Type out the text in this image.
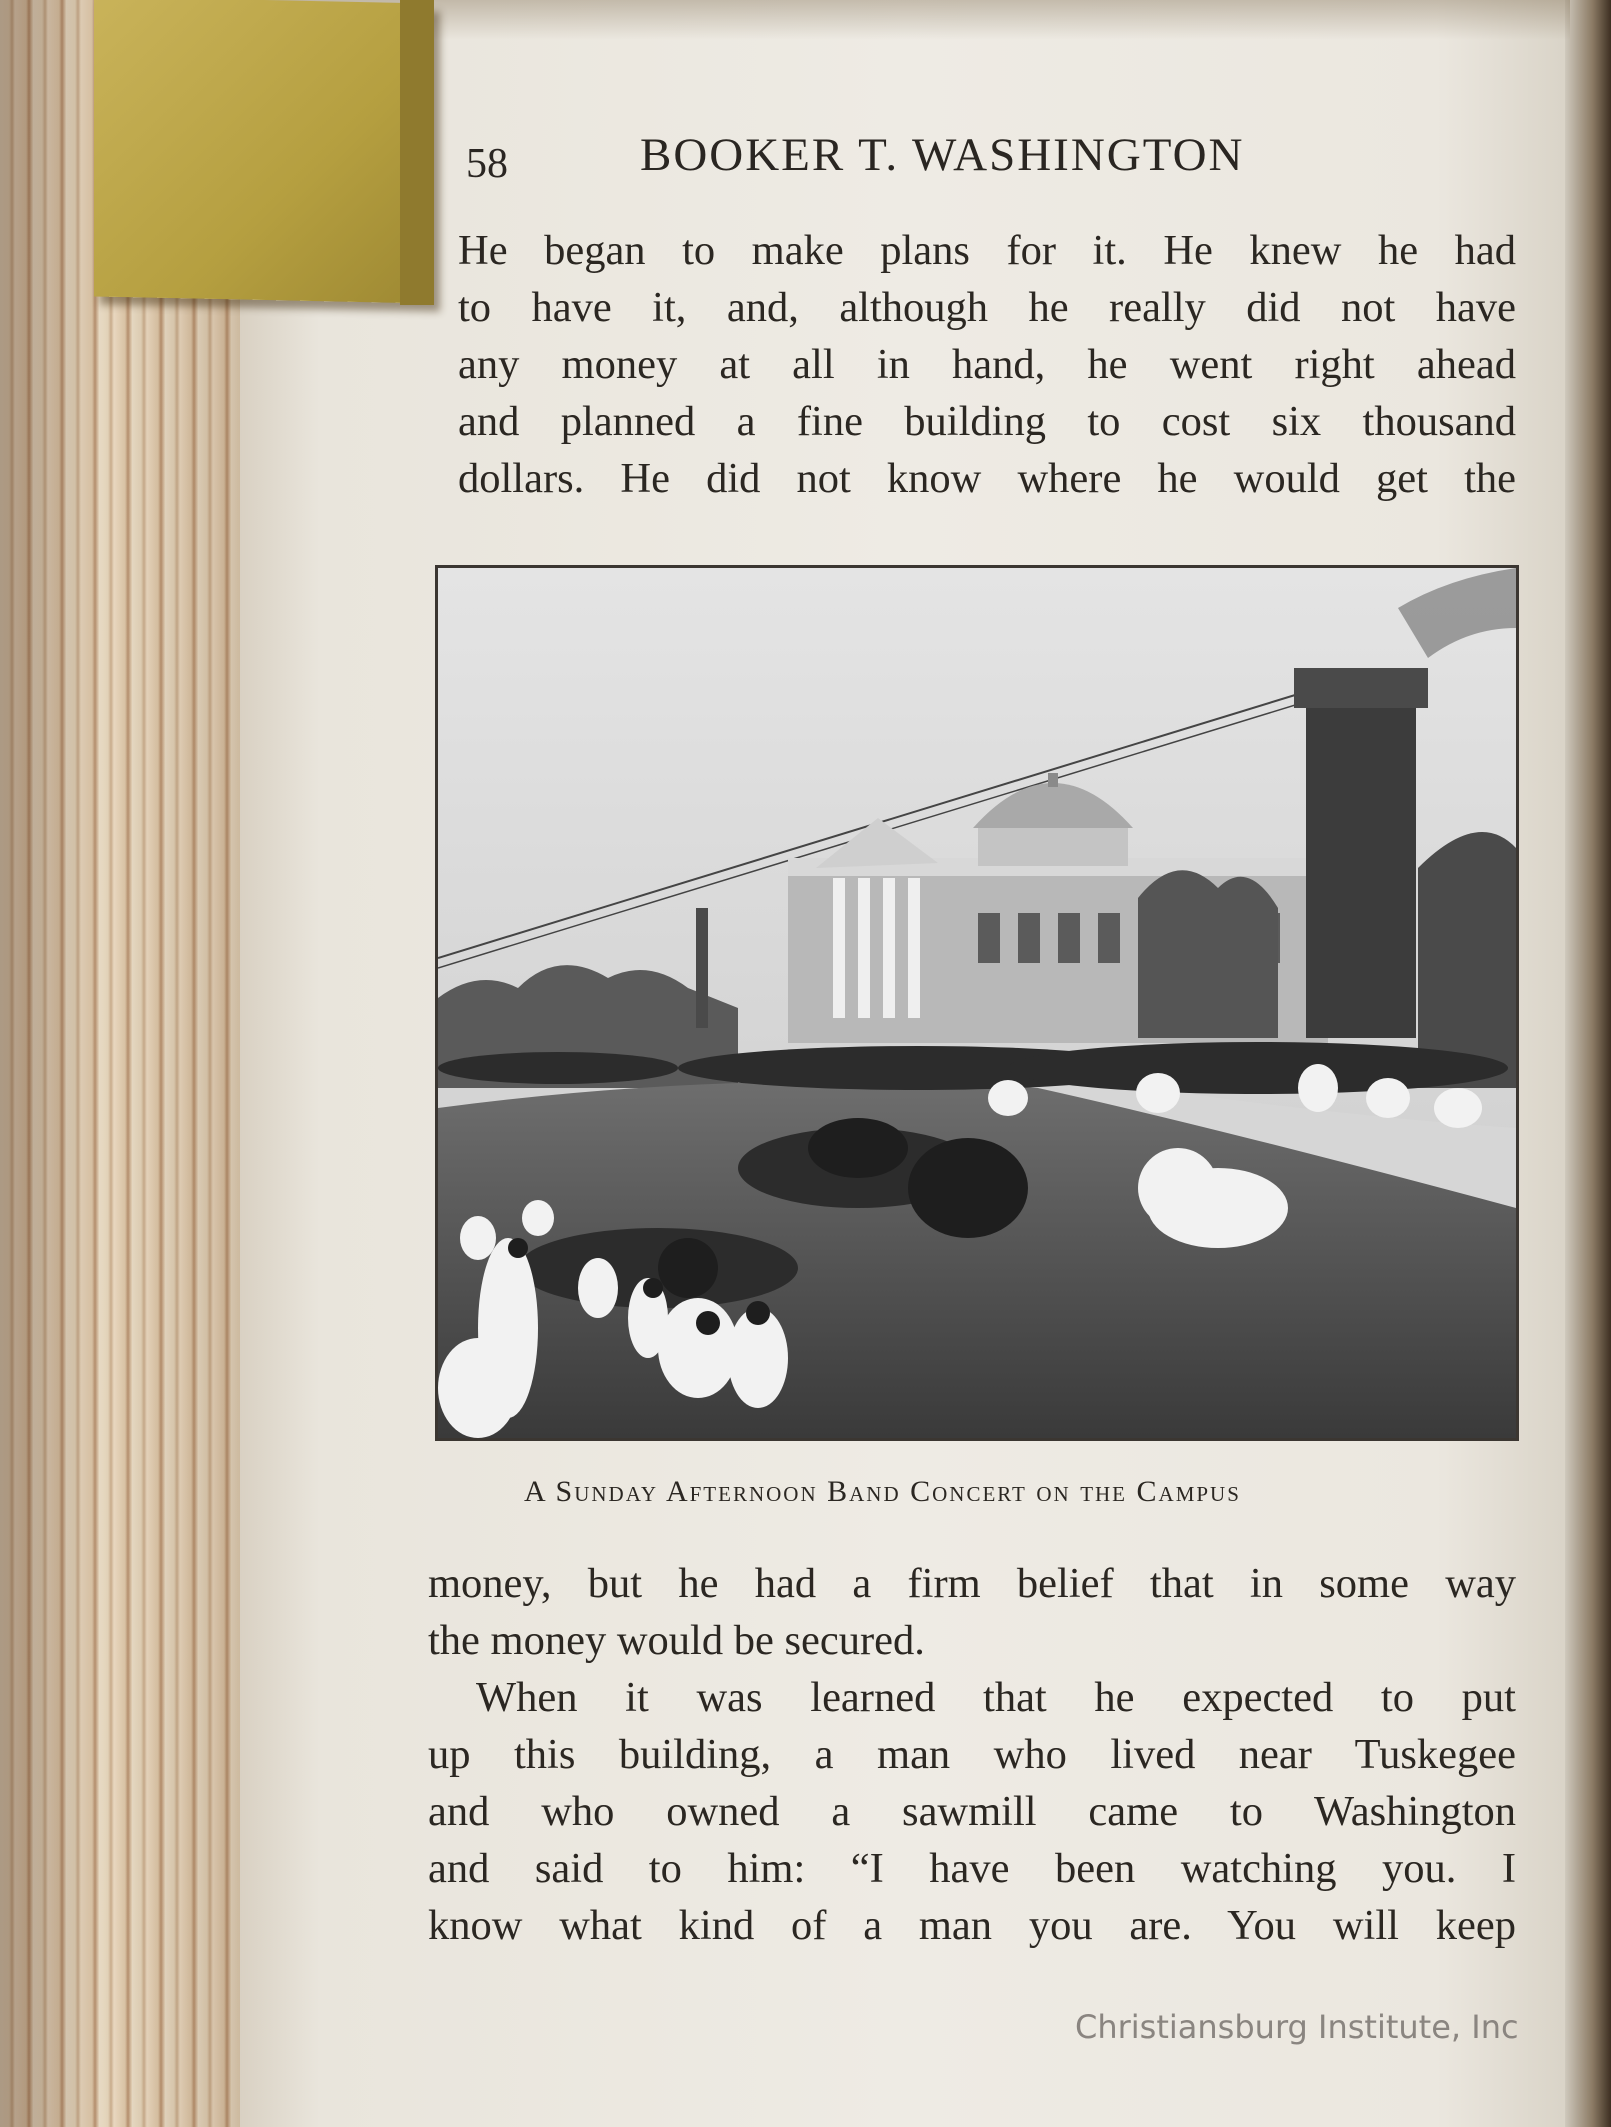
58	BOOKER T. WASHINGTON
He began to make plans for it. He knew he had
to have it, and, although he really did not have
any money at all in hand, he went right ahead
and planned a fine building to cost six thousand
dollars. He did not know where he would get the
A Sunday Afternoon Band Concert on the Campus
money, but he had a firm belief that in some way
the money would be secured.
When it was learned that he expected to put
up this building, a man who lived near Tuskegee
and who owned a sawmill came to Washington
and said to him: “I have been watching you. I
know what kind of a man you are. You will keep
Christiansburg Institute, Inc
